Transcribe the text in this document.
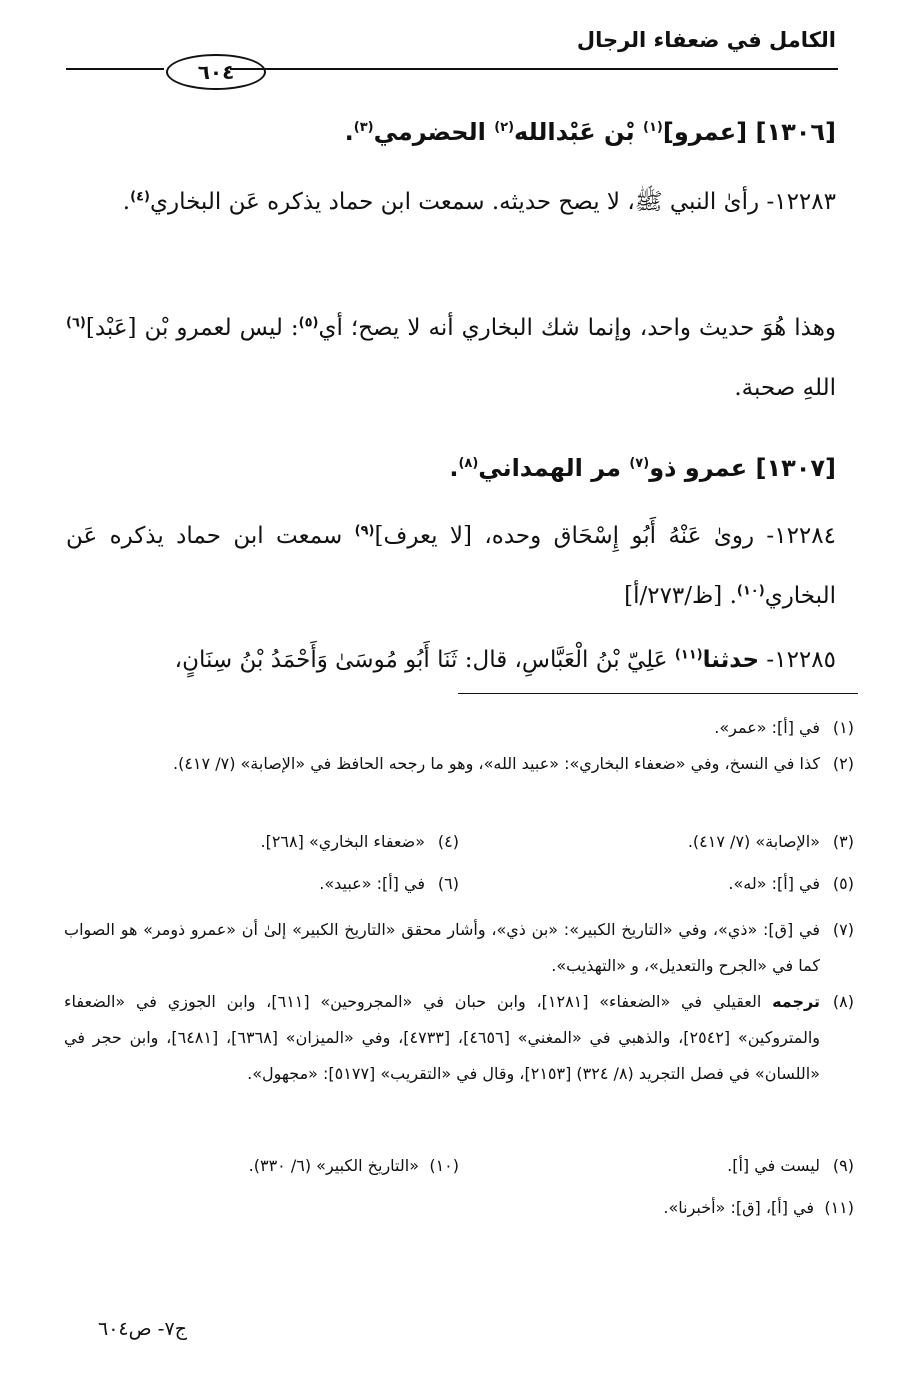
الكامل في ضعفاء الرجال
٦٠٤
[١٣٠٦] [عمرو]$^{(١)}$ بْن عَبْدالله$^{(٢)}$ الحضرمي$^{(٣)}$.
١٢٢٨٣- رأىٰ النبي ﷺ، لا يصح حديثه. سمعت ابن حماد يذكره عَن البخاري$^{(٤)}$.
وهذا هُوَ حديث واحد، وإنما شك البخاري أنه لا يصح؛ أي$^{(٥)}$: ليس لعمرو بْن [عَبْد]$^{(٦)}$ اللهِ صحبة.
[١٣٠٧] عمرو ذو$^{(٧)}$ مر الهمداني$^{(٨)}$.
١٢٢٨٤- روىٰ عَنْهُ أَبُو إِسْحَاق وحده، [لا يعرف]$^{(٩)}$ سمعت ابن حماد يذكره عَن البخاري$^{(١٠)}$. [ظ/٢٧٣/أ]
١٢٢٨٥- حدثنا$^{(١١)}$ عَلِيّ بْنُ الْعَبَّاسِ، قال: ثَنَا أَبُو مُوسَىٰ وَأَحْمَدُ بْنُ سِنَانٍ،
(١)
في [أ]: «عمر».
(٢)
كذا في النسخ، وفي «ضعفاء البخاري»: «عبيد الله»، وهو ما رجحه الحافظ في «الإصابة» (٧/ ٤١٧).
(٣)
«الإصابة» (٧/ ٤١٧).
(٤)
«ضعفاء البخاري» [٢٦٨].
(٥)
في [أ]: «له».
(٦)
في [أ]: «عبيد».
(٧)
في [ق]: «ذي»، وفي «التاريخ الكبير»: «بن ذي»، وأشار محقق «التاريخ الكبير» إلىٰ أن «عمرو ذومر» هو الصواب كما في «الجرح والتعديل»، و «التهذيب».
(٨)
ترجمه العقيلي في «الضعفاء» [١٢٨١]، وابن حبان في «المجروحين» [٦١١]، وابن الجوزي في «الضعفاء والمتروكين» [٢٥٤٢]، والذهبي في «المغني» [٤٦٥٦]، [٤٧٣٣]، وفي «الميزان» [٦٣٦٨]، [٦٤٨١]، وابن حجر في «اللسان» في فصل التجريد (٨/ ٣٢٤) [٢١٥٣]، وقال في «التقريب» [٥١٧٧]: «مجهول».
(٩)
ليست في [أ].
(١٠)
«التاريخ الكبير» (٦/ ٣٣٠).
(١١)
في [أ]، [ق]: «أخبرنا».
ج٧- ص٦٠٤
